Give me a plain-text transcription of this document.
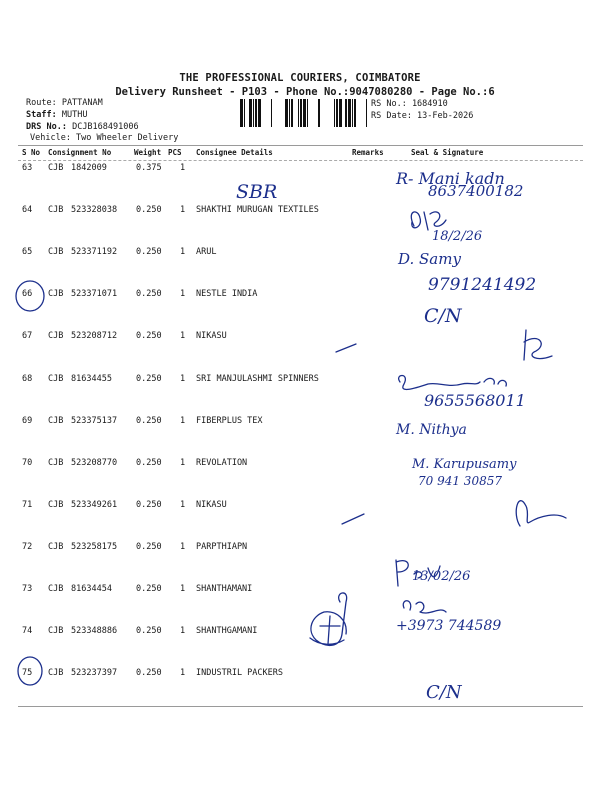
THE PROFESSIONAL COURIERS, COIMBATORE
Delivery Runsheet - P103 - Phone No.:9047080280 - Page No.:6
Route: PATTANAM
Staff: MUTHU
DRS No.: DCJB168491006
Vehicle: Two Wheeler Delivery
RS No.: 1684910
RS Date: 13-Feb-2026
S No Consignment No	Weight PCS Consignee Details	Remarks	Seal & Signature
63 CJB 1842009	0.375 1
64 CJB 523328038 0.250 1 SHAKTHI MURUGAN TEXTILES
65 CJB 523371192 0.250 1 ARUL
66 CJB 523371071 0.250 1 NESTLE INDIA
67 CJB 523208712 0.250 1 NIKASU
68 CJB 81634455	0.250 1 SRI MANJULASHMI SPINNERS
69 CJB 523375137 0.250 1 FIBERPLUS TEX
70 CJB 523208770 0.250 1 REVOLATION
71 CJB 523349261 0.250 1 NIKASU
72 CJB 523258175 0.250 1 PARPTHIAPN
73 CJB 81634454	0.250 1 SHANTHAMANI
74 CJB 523348886 0.250 1 SHANTHGAMANI
75 CJB 523237397 0.250 1 INDUSTRIL PACKERS
SBR
R- Mani kadn
8637400182
18/2/26
D. Samy
9791241492
C/N
9655568011
M. Nithya
M. Karupusamy
70 941 30857
13/02/26
+3973 744589
C/N
